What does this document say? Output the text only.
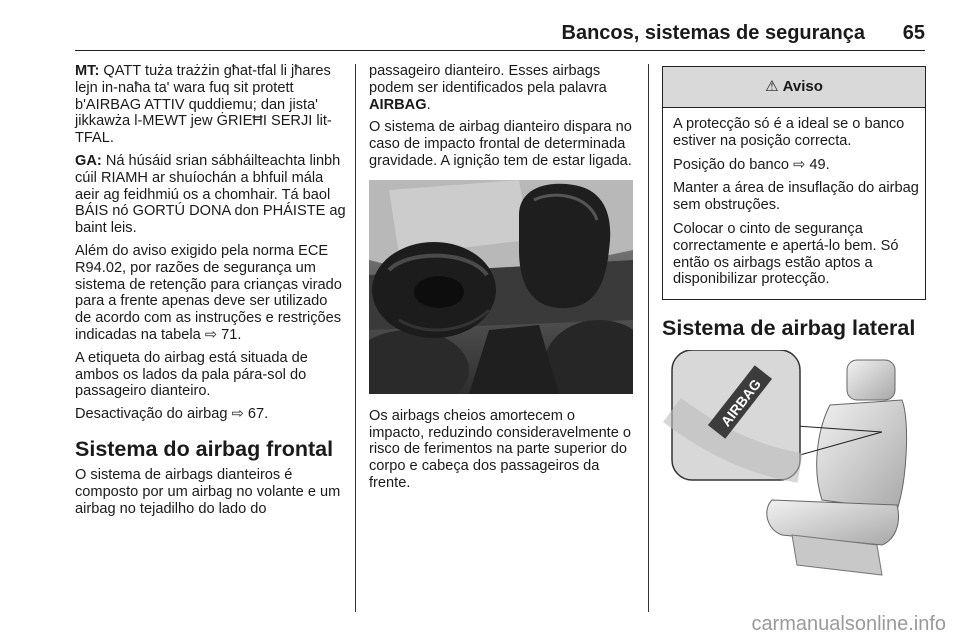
Bancos, sistemas de segurança 65

MT: QATT tuża trażżin għat-tfal li jħares lejn in-naħa ta' wara fuq sit protett b'AIRBAG ATTIV quddiemu; dan jista' jikkawża l-MEWT jew ĠRIEĦI SERJI lit-TFAL.

GA: Ná húsáid srian sábháilteachta linbh cúil RIAMH ar shuíochán a bhfuil mála aeir ag feidhmiú os a chomhair. Tá baol BÁIS nó GORTÚ DONA don PHÁISTE ag baint leis.

Além do aviso exigido pela norma ECE R94.02, por razões de segurança um sistema de retenção para crianças virado para a frente apenas deve ser utilizado de acordo com as instruções e restrições indicadas na tabela ⇨ 71.

A etiqueta do airbag está situada de ambos os lados da pala pára-sol do passageiro dianteiro.

Desactivação do airbag ⇨ 67.

Sistema do airbag frontal

O sistema de airbags dianteiros é composto por um airbag no volante e um airbag no tejadilho do lado do

passageiro dianteiro. Esses airbags podem ser identificados pela palavra AIRBAG.

O sistema de airbag dianteiro dispara no caso de impacto frontal de determinada gravidade. A ignição tem de estar ligada.

Os airbags cheios amortecem o impacto, reduzindo consideravelmente o risco de ferimentos na parte superior do corpo e cabeça dos passageiros da frente.

⚠ Aviso

A protecção só é a ideal se o banco estiver na posição correcta.

Posição do banco ⇨ 49.

Manter a área de insuflação do airbag sem obstruções.

Colocar o cinto de segurança correctamente e apertá-lo bem. Só então os airbags estão aptos a disponibilizar protecção.

Sistema de airbag lateral
AIRBAG
carmanualsonline.info
